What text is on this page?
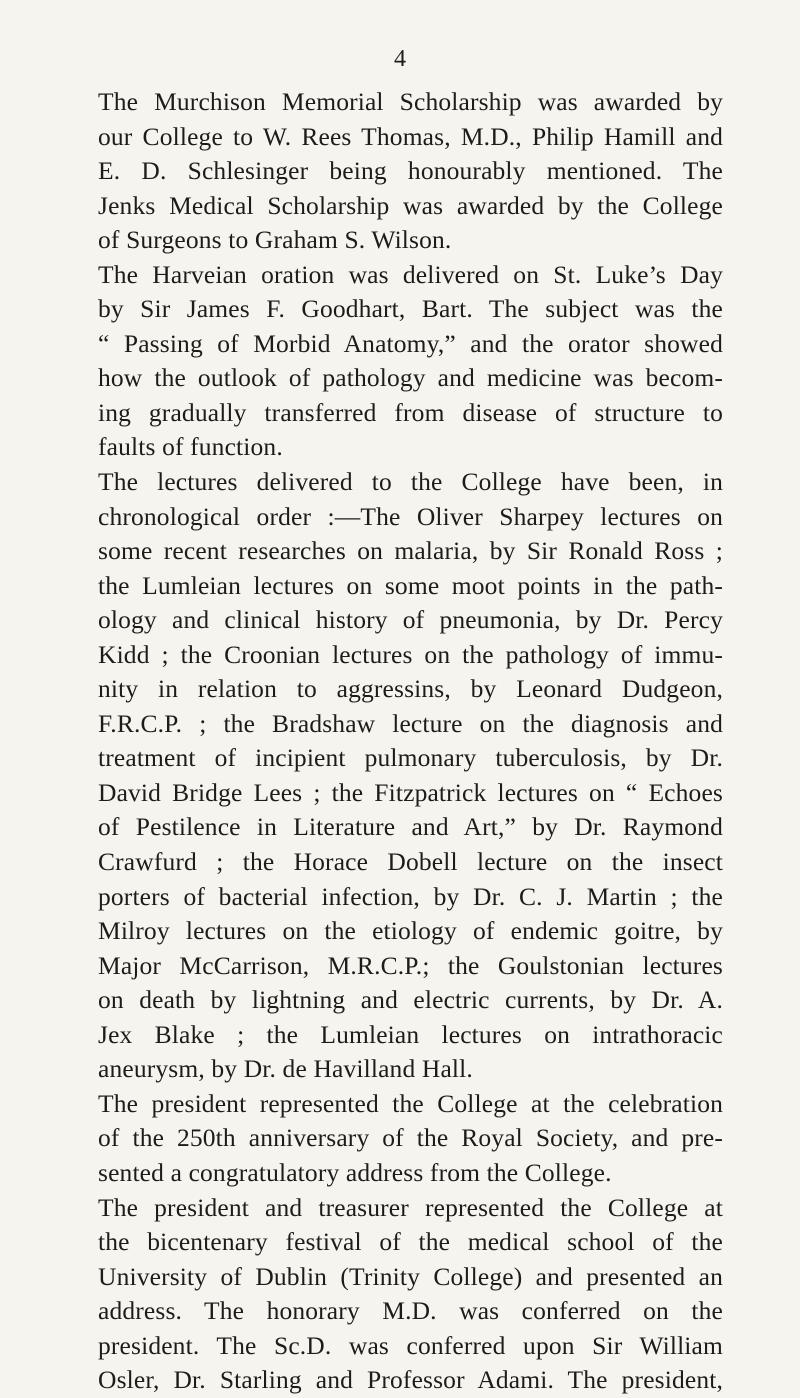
4
The Murchison Memorial Scholarship was awarded by
our College to W. Rees Thomas, M.D., Philip Hamill and
E. D. Schlesinger being honourably mentioned. The
Jenks Medical Scholarship was awarded by the College
of Surgeons to Graham S. Wilson.
The Harveian oration was delivered on St. Luke’s Day
by Sir James F. Goodhart, Bart. The subject was the
“ Passing of Morbid Anatomy,” and the orator showed
how the outlook of pathology and medicine was becom-
ing gradually transferred from disease of structure to
faults of function.
The lectures delivered to the College have been, in
chronological order :—The Oliver Sharpey lectures on
some recent researches on malaria, by Sir Ronald Ross ;
the Lumleian lectures on some moot points in the path-
ology and clinical history of pneumonia, by Dr. Percy
Kidd ; the Croonian lectures on the pathology of immu-
nity in relation to aggressins, by Leonard Dudgeon,
F.R.C.P. ; the Bradshaw lecture on the diagnosis and
treatment of incipient pulmonary tuberculosis, by Dr.
David Bridge Lees ; the Fitzpatrick lectures on “ Echoes
of Pestilence in Literature and Art,” by Dr. Raymond
Crawfurd ; the Horace Dobell lecture on the insect
porters of bacterial infection, by Dr. C. J. Martin ; the
Milroy lectures on the etiology of endemic goitre, by
Major McCarrison, M.R.C.P.; the Goulstonian lectures
on death by lightning and electric currents, by Dr. A.
Jex Blake ; the Lumleian lectures on intrathoracic
aneurysm, by Dr. de Havilland Hall.
The president represented the College at the celebration
of the 250th anniversary of the Royal Society, and pre-
sented a congratulatory address from the College.
The president and treasurer represented the College at
the bicentenary festival of the medical school of the
University of Dublin (Trinity College) and presented an
address. The honorary M.D. was conferred on the
president. The Sc.D. was conferred upon Sir William
Osler, Dr. Starling and Professor Adami. The president,
